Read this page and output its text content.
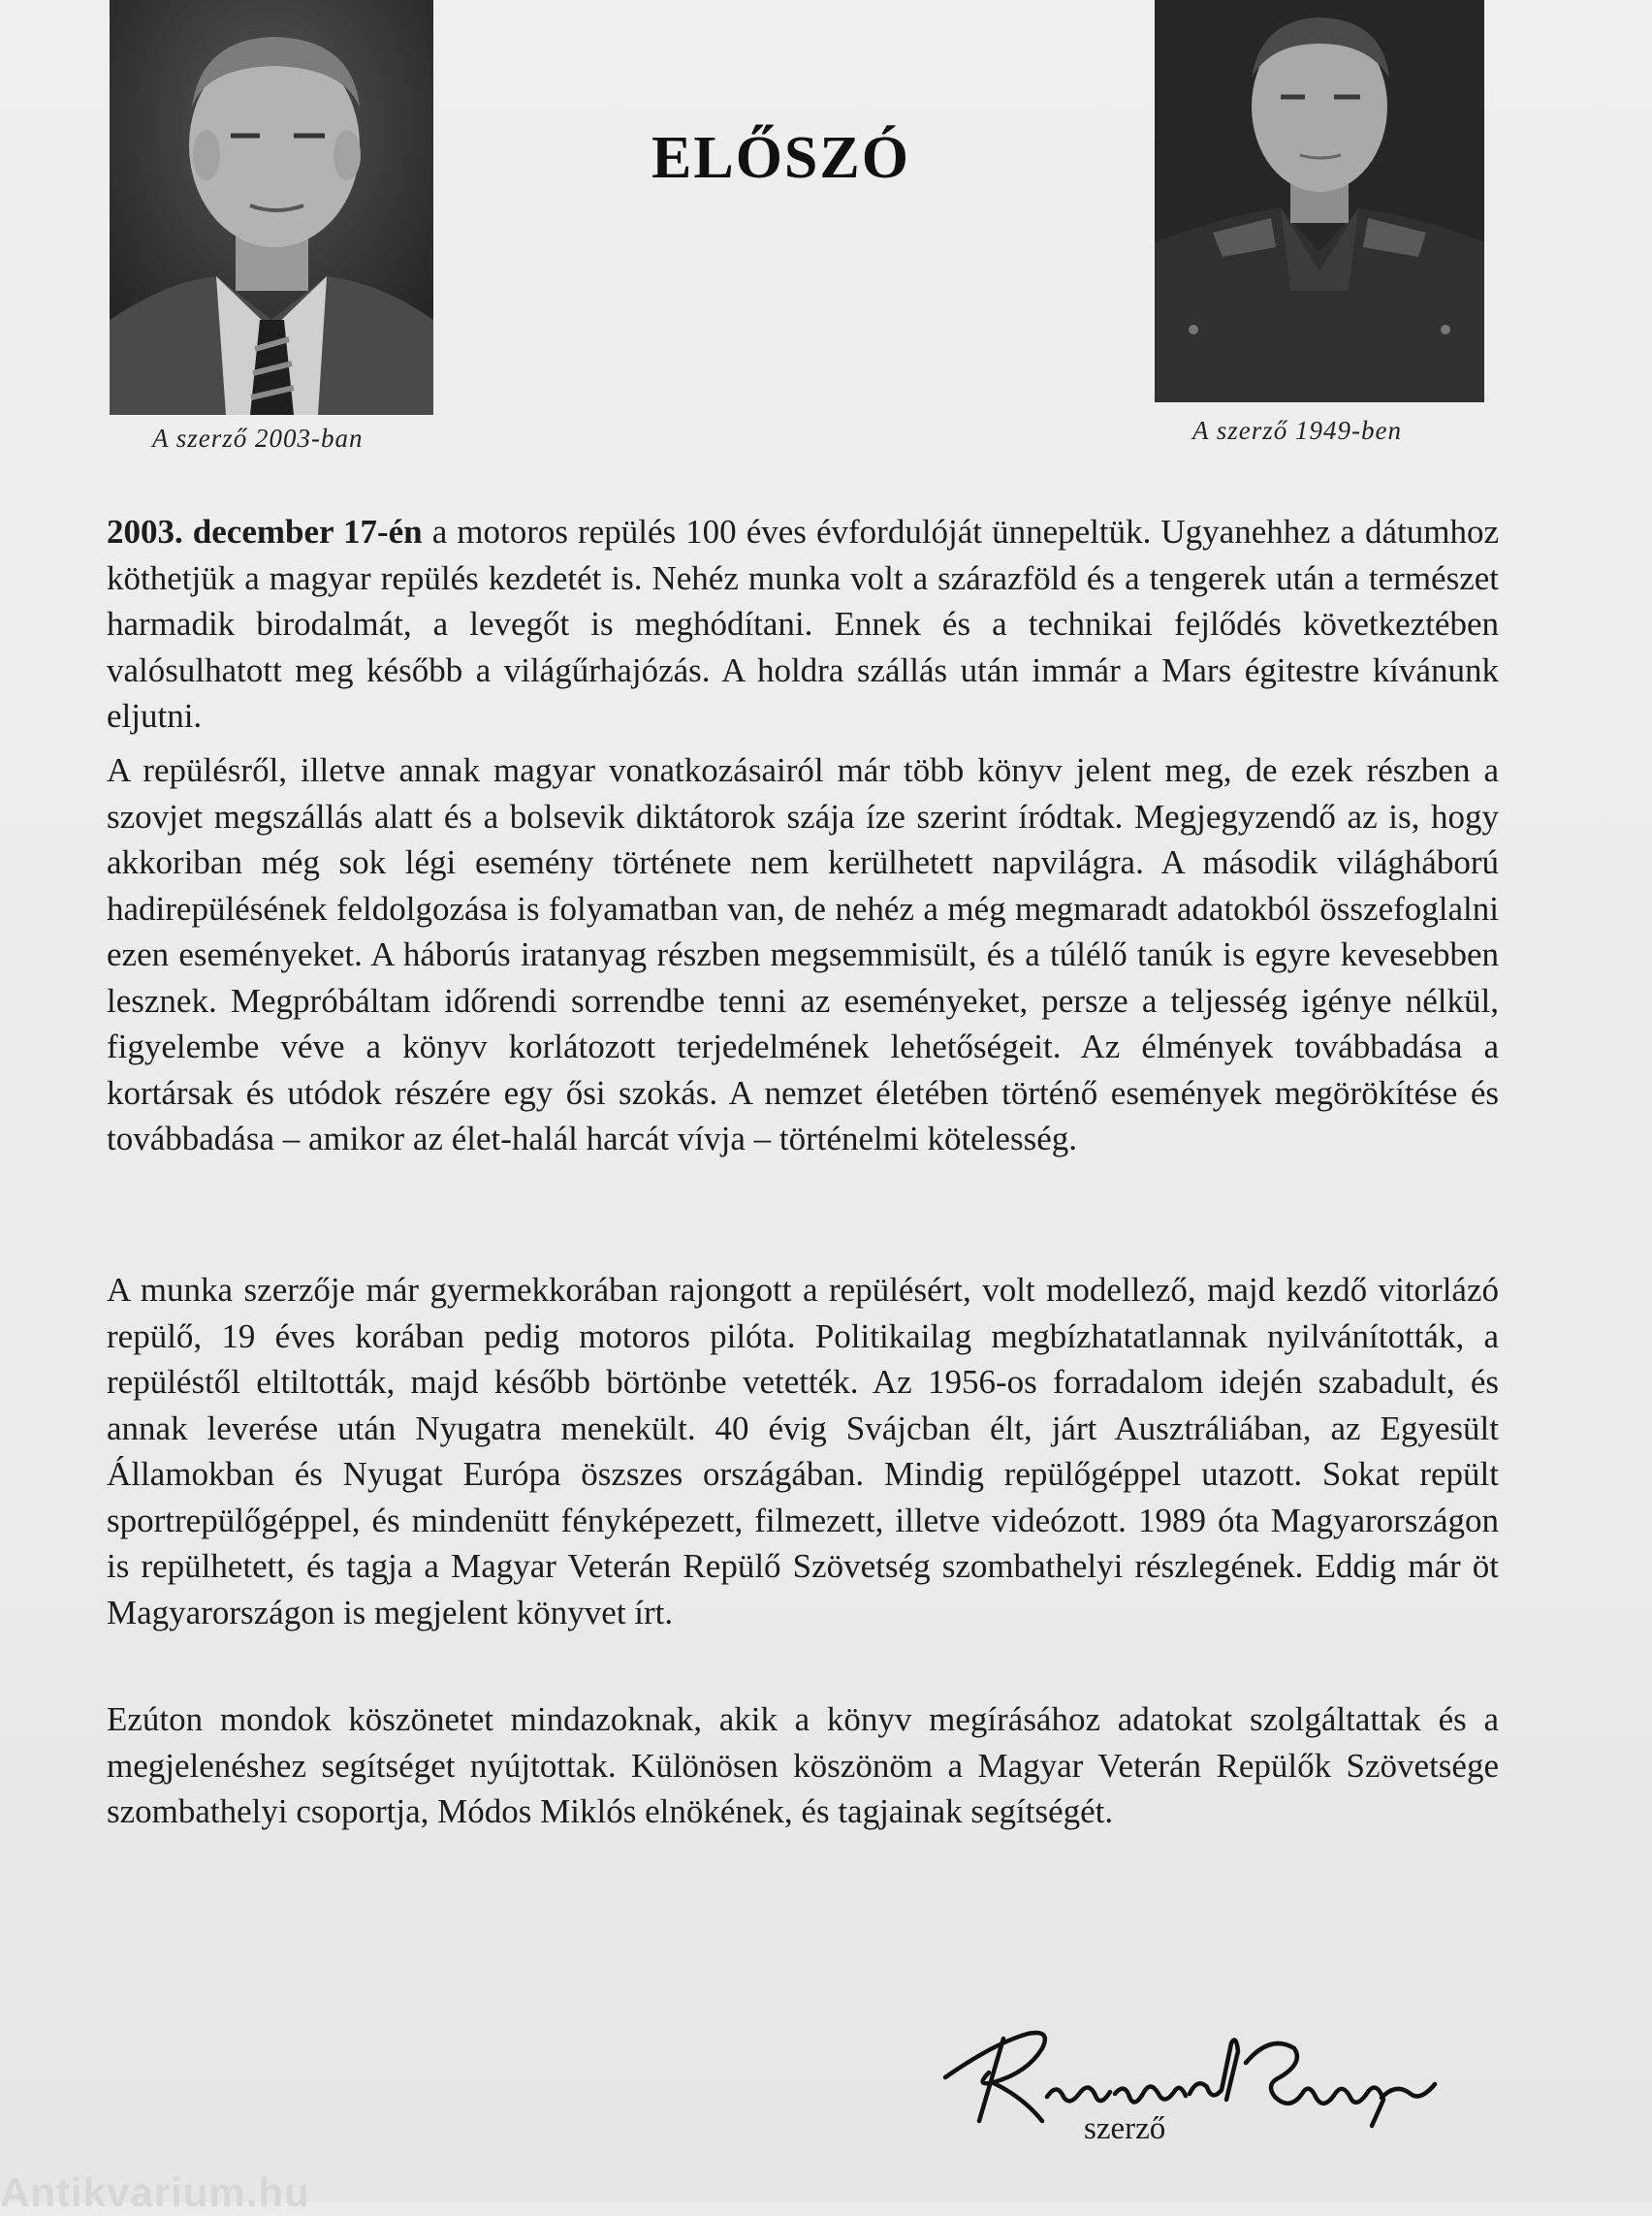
A szerző 2003-ban	A szerző 1949-ben
ELŐSZÓ
2003. december 17-én a motoros repülés 100 éves évfordulóját ünnepeltük. Ugyanehhez a dátumhoz köthetjük a magyar repülés kezdetét is. Nehéz munka volt a szárazföld és a tengerek után a természet harmadik birodalmát, a levegőt is meghódítani. Ennek és a technikai fejlődés következtében valósulhatott meg később a világűrhajózás. A holdra szállás után immár a Mars égitestre kívánunk eljutni.
A repülésről, illetve annak magyar vonatkozásairól már több könyv jelent meg, de ezek részben a szovjet megszállás alatt és a bolsevik diktátorok szája íze szerint íródtak. Megjegyzendő az is, hogy akkoriban még sok légi esemény története nem kerülhetett napvilágra. A második világháború hadirepülésének feldolgozása is folyamatban van, de nehéz a még megmaradt adatokból összefoglalni ezen eseményeket. A háborús iratanyag részben megsemmisült, és a túlélő tanúk is egyre kevesebben lesznek. Megpróbáltam időrendi sorrendbe tenni az eseményeket, persze a teljesség igénye nélkül, figyelembe véve a könyv korlátozott terjedelmének lehetőségeit. Az élmények továbbadása a kortársak és utódok részére egy ősi szokás. A nemzet életében történő események megörökítése és továbbadása – amikor az élet-halál harcát vívja – történelmi kötelesség.
A munka szerzője már gyermekkorában rajongott a repülésért, volt modellező, majd kezdő vitorlázó repülő, 19 éves korában pedig motoros pilóta. Politikailag megbízhatatlannak nyilvánították, a repüléstől eltiltották, majd később börtönbe vetették. Az 1956-os forradalom idején szabadult, és annak leverése után Nyugatra menekült. 40 évig Svájcban élt, járt Ausztráliában, az Egyesült Államokban és Nyugat Európa öszszes országában. Mindig repülőgéppel utazott. Sokat repült sportrepülőgéppel, és mindenütt fényképezett, filmezett, illetve videózott. 1989 óta Magyarországon is repülhetett, és tagja a Magyar Veterán Repülő Szövetség szombathelyi részlegének. Eddig már öt Magyarországon is megjelent könyvet írt.
Ezúton mondok köszönetet mindazoknak, akik a könyv megírásához adatokat szolgáltattak és a megjelenéshez segítséget nyújtottak. Különösen köszönöm a Magyar Veterán Repülők Szövetsége szombathelyi csoportja, Módos Miklós elnökének, és tagjainak segítségét.
szerző
Antikvarium.hu
